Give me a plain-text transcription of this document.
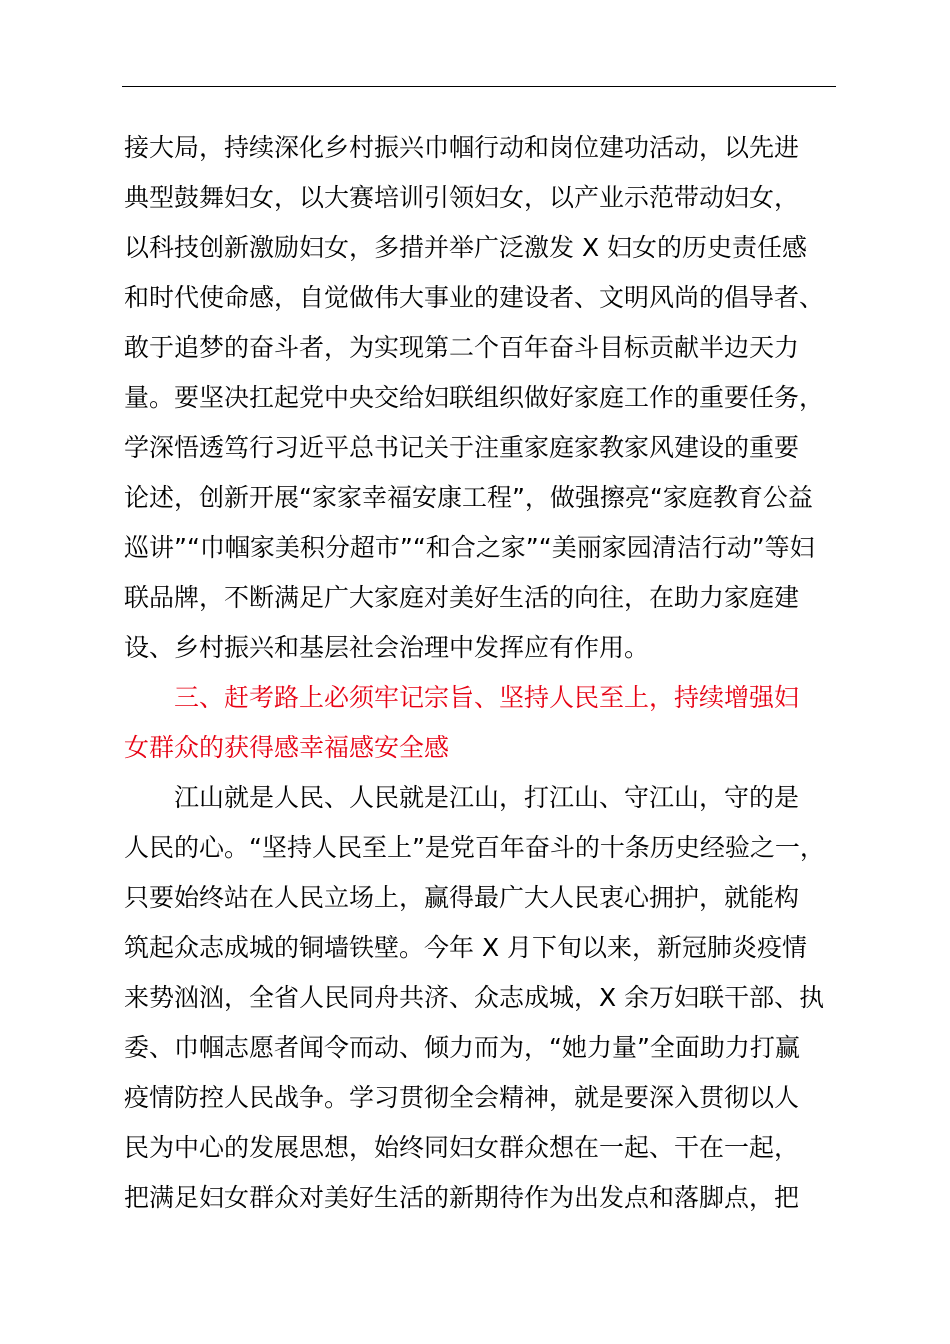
接大局，持续深化乡村振兴巾帼行动和岗位建功活动，以先进
典型鼓舞妇女，以大赛培训引领妇女，以产业示范带动妇女，
以科技创新激励妇女，多措并举广泛激发 X 妇女的历史责任感
和时代使命感，自觉做伟大事业的建设者、文明风尚的倡导者、
敢于追梦的奋斗者，为实现第二个百年奋斗目标贡献半边天力
量。要坚决扛起党中央交给妇联组织做好家庭工作的重要任务，
学深悟透笃行习近平总书记关于注重家庭家教家风建设的重要
论述，创新开展“家家幸福安康工程”，做强擦亮“家庭教育公益
巡讲”“巾帼家美积分超市”“和合之家”“美丽家园清洁行动”等妇
联品牌，不断满足广大家庭对美好生活的向往，在助力家庭建
设、乡村振兴和基层社会治理中发挥应有作用。
三、赶考路上必须牢记宗旨、坚持人民至上，持续增强妇
女群众的获得感幸福感安全感
江山就是人民、人民就是江山，打江山、守江山，守的是
人民的心。“坚持人民至上”是党百年奋斗的十条历史经验之一，
只要始终站在人民立场上，赢得最广大人民衷心拥护，就能构
筑起众志成城的铜墙铁壁。今年 X 月下旬以来，新冠肺炎疫情
来势汹汹，全省人民同舟共济、众志成城，X 余万妇联干部、执
委、巾帼志愿者闻令而动、倾力而为，“她力量”全面助力打赢
疫情防控人民战争。学习贯彻全会精神，就是要深入贯彻以人
民为中心的发展思想，始终同妇女群众想在一起、干在一起，
把满足妇女群众对美好生活的新期待作为出发点和落脚点，把
